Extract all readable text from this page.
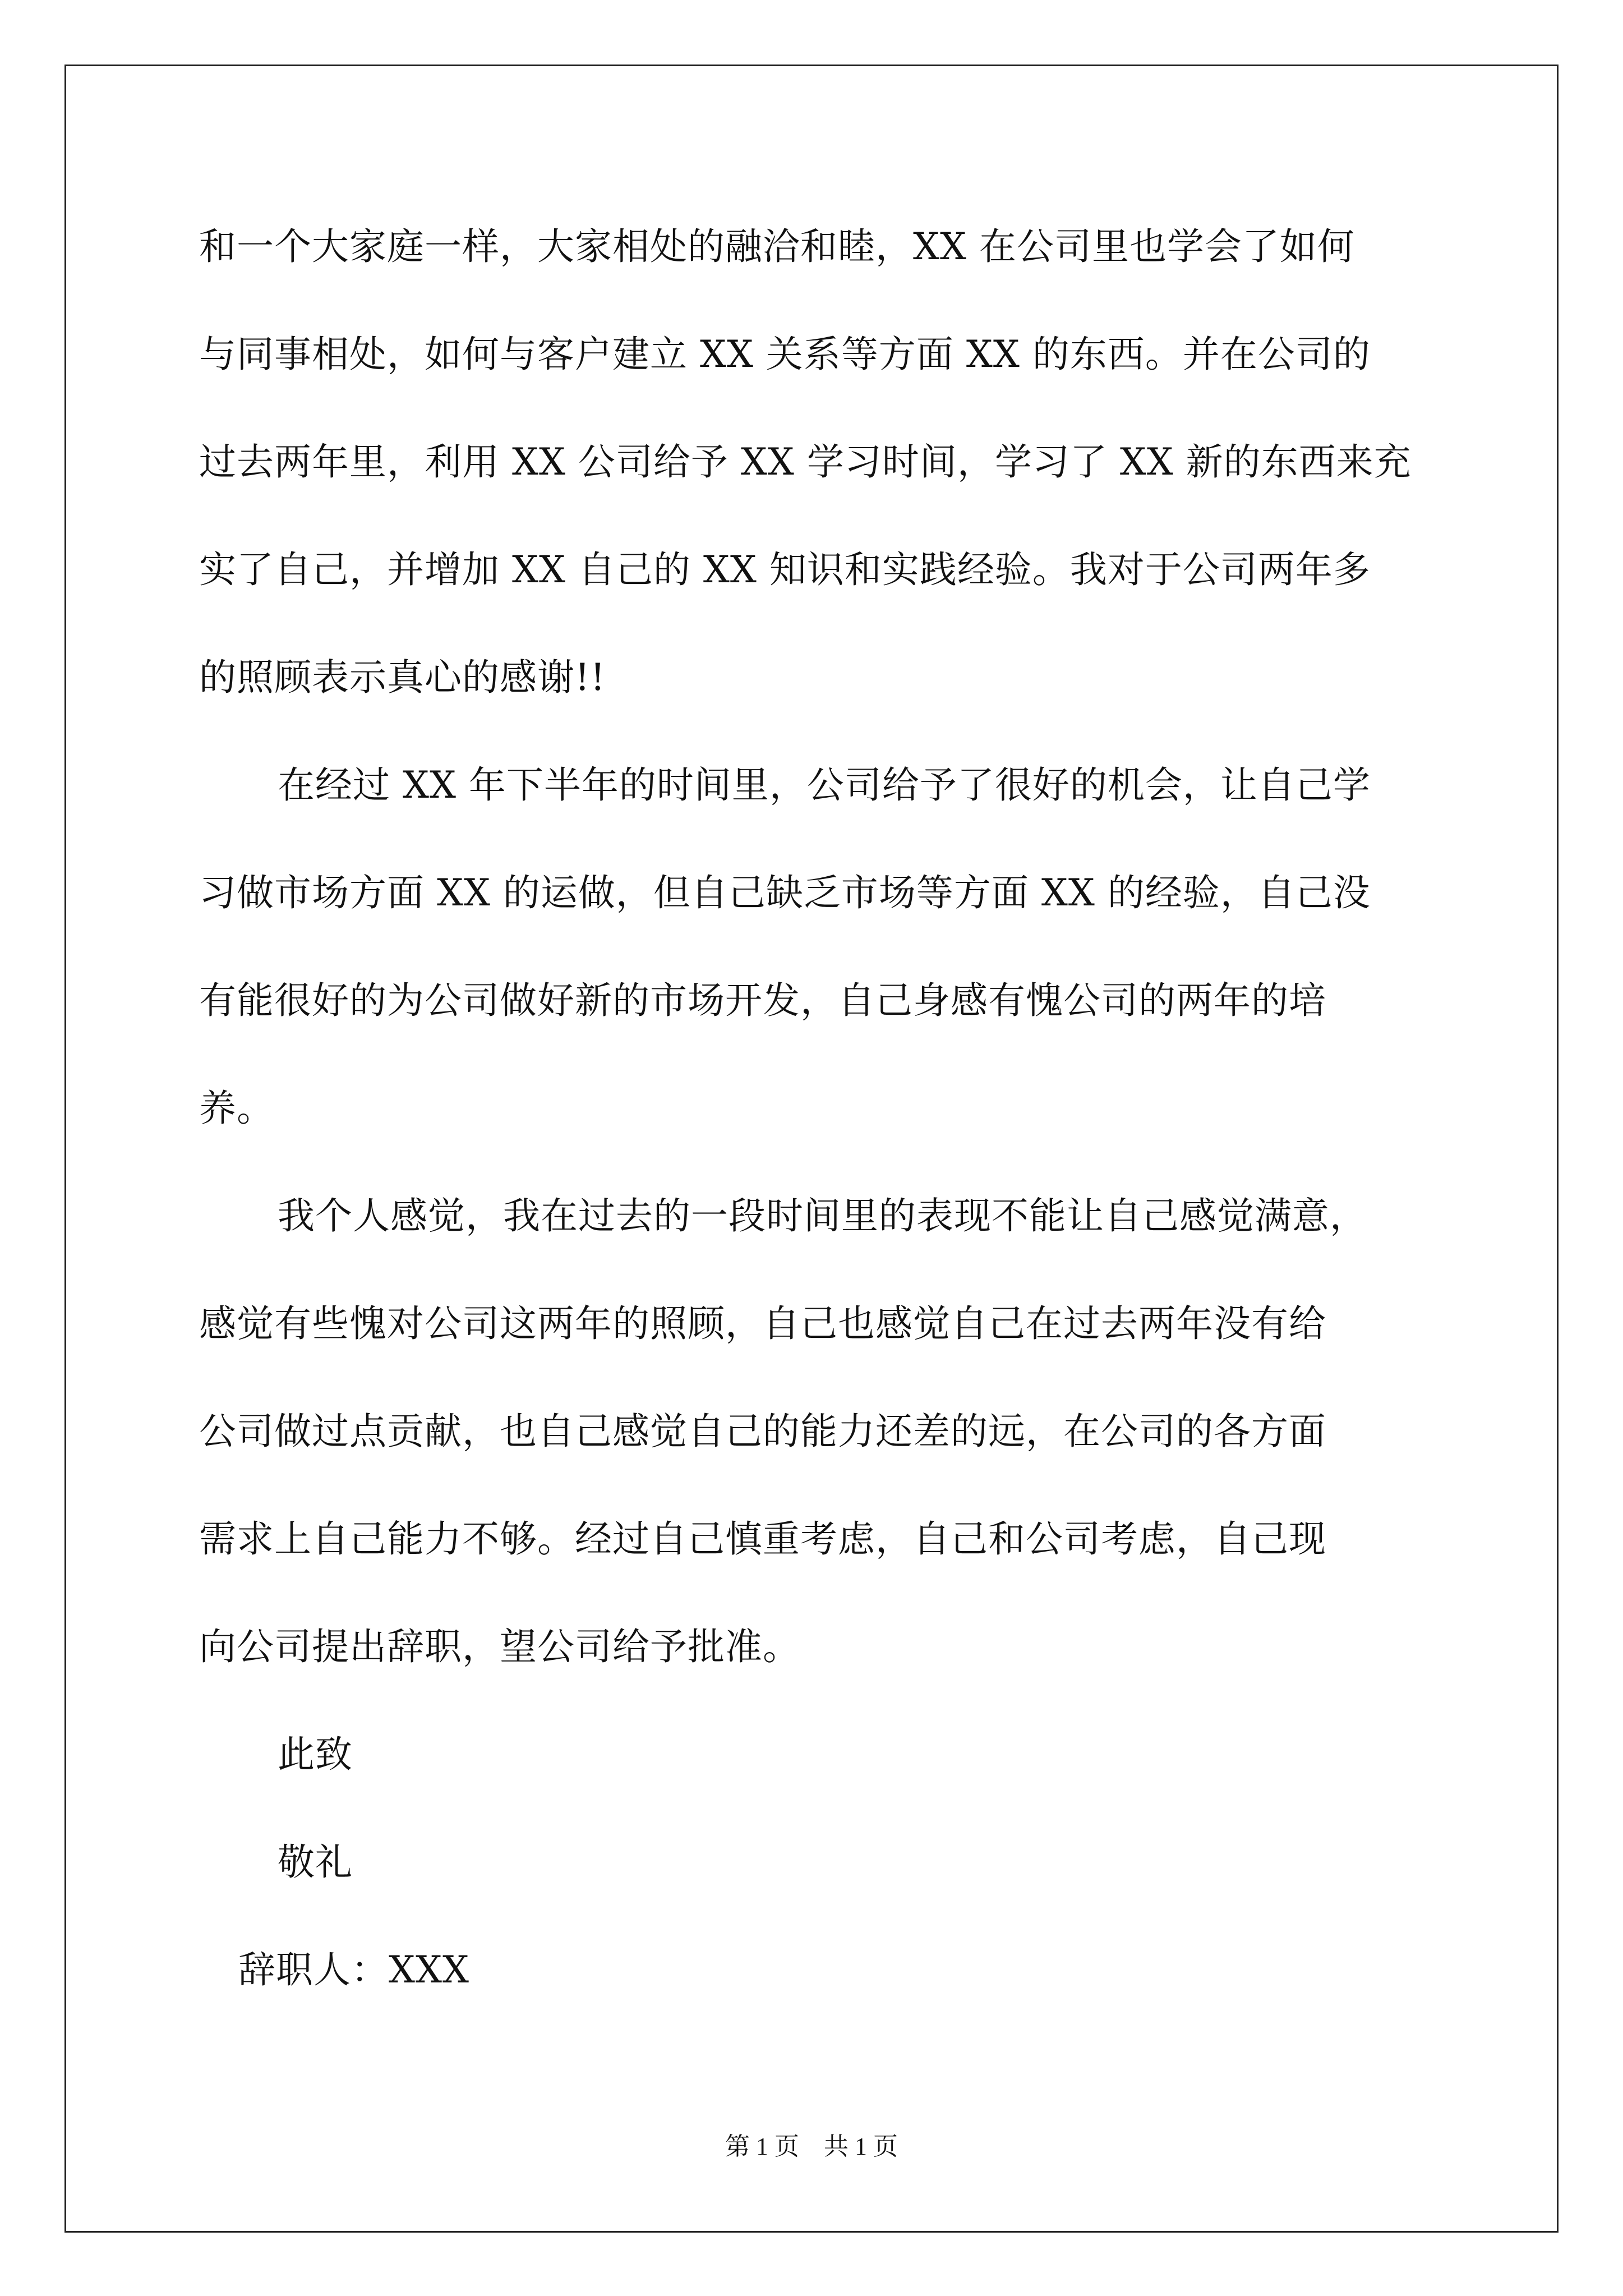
和一个大家庭一样，大家相处的融洽和睦，XX 在公司里也学会了如何
与同事相处，如何与客户建立 XX 关系等方面 XX 的东西。并在公司的
过去两年里，利用 XX 公司给予 XX 学习时间，学习了 XX 新的东西来充
实了自己，并增加 XX 自己的 XX 知识和实践经验。我对于公司两年多
的照顾表示真心的感谢!!
在经过 XX 年下半年的时间里，公司给予了很好的机会，让自己学
习做市场方面 XX 的运做，但自己缺乏市场等方面 XX 的经验，自己没
有能很好的为公司做好新的市场开发，自己身感有愧公司的两年的培
养。
我个人感觉，我在过去的一段时间里的表现不能让自己感觉满意，
感觉有些愧对公司这两年的照顾，自己也感觉自己在过去两年没有给
公司做过点贡献，也自己感觉自己的能力还差的远，在公司的各方面
需求上自己能力不够。经过自己慎重考虑，自己和公司考虑，自己现
向公司提出辞职，望公司给予批准。
此致
敬礼
辞职人：XXX
第 1 页　共 1 页
